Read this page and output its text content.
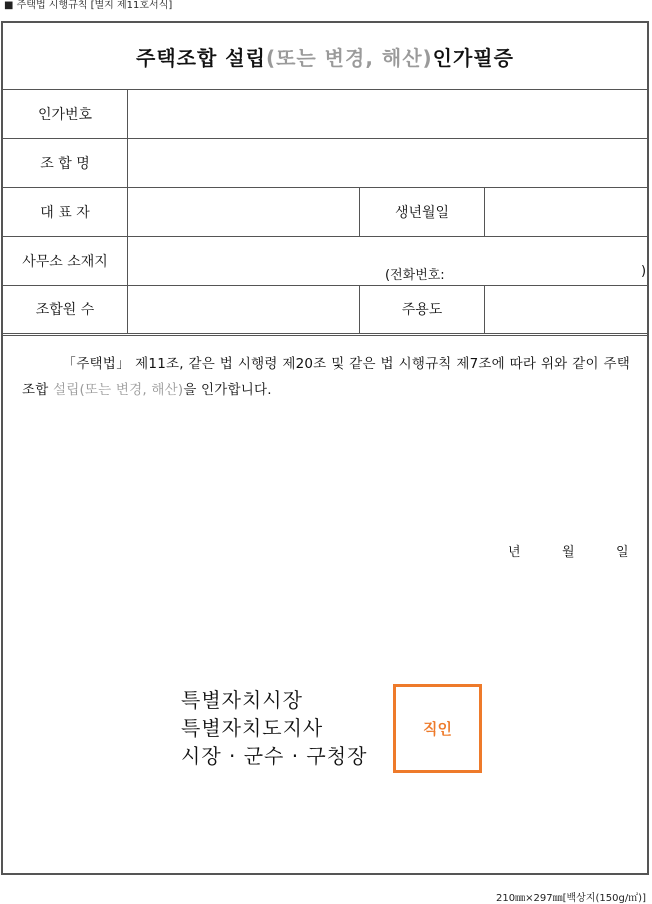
■ 주택법 시행규칙 [별지 제11호서식]
주택조합 설립 (또는 변경, 해산) 인가필증
인가번호
조 합 명
대 표 자	생년월일
사무소 소재지
(전화번호:	)
조합원 수	주용도
「주택법」 제11조, 같은 법 시행령 제20조 및 같은 법 시행규칙 제7조에 따라 위와 같이 주택조합 설립(또는 변경, 해산)을 인가합니다.
년	월	일
특별자치시장
특별자치도지사
시장 · 군수 · 구청장
직인
210㎜×297㎜[백상지(150g/㎡)]
